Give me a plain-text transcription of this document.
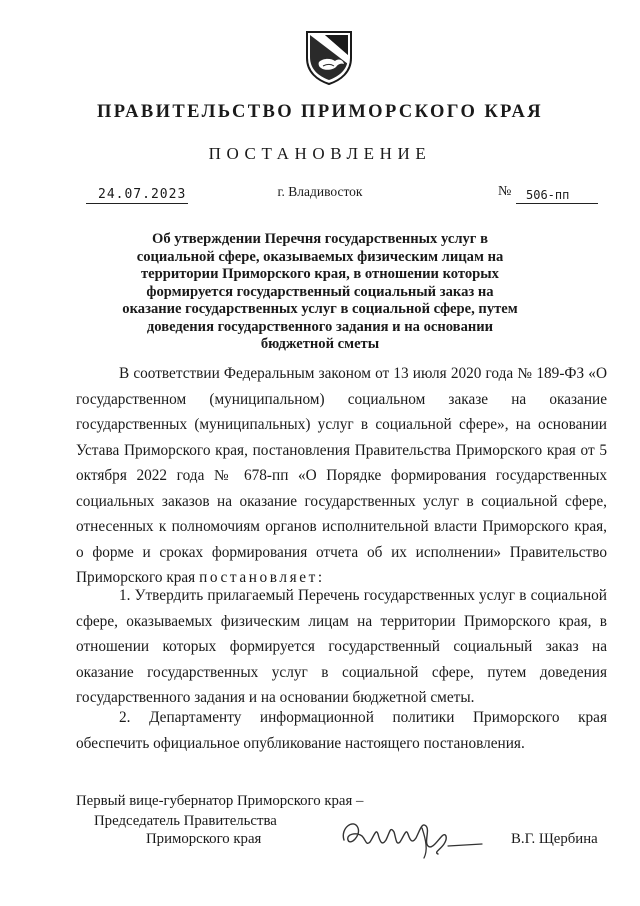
ПРАВИТЕЛЬСТВО ПРИМОРСКОГО КРАЯ
ПОСТАНОВЛЕНИЕ
24.07.2023	г. Владивосток	№	506-пп
Об утверждении Перечня государственных услуг в социальной сфере, оказываемых физическим лицам на территории Приморского края, в отношении которых формируется государственный социальный заказ на оказание государственных услуг в социальной сфере, путем доведения государственного задания и на основании бюджетной сметы

В соответствии Федеральным законом от 13 июля 2020 года № 189-ФЗ «О государственном (муниципальном) социальном заказе на оказание государственных (муниципальных) услуг в социальной сфере», на основании Устава Приморского края, постановления Правительства Приморского края от 5 октября 2022 года № 678-пп «О Порядке формирования государственных социальных заказов на оказание государственных услуг в социальной сфере, отнесенных к полномочиям органов исполнительной власти Приморского края, о форме и сроках формирования отчета об их исполнении» Правительство Приморского края постановляет:

1. Утвердить прилагаемый Перечень государственных услуг в социальной сфере, оказываемых физическим лицам на территории Приморского края, в отношении которых формируется государственный социальный заказ на оказание государственных услуг в социальной сфере, путем доведения государственного задания и на основании бюджетной сметы.

2. Департаменту информационной политики Приморского края обеспечить официальное опубликование настоящего постановления.

Первый вице-губернатор Приморского края –
Председатель Правительства
Приморского края	В.Г. Щербина
